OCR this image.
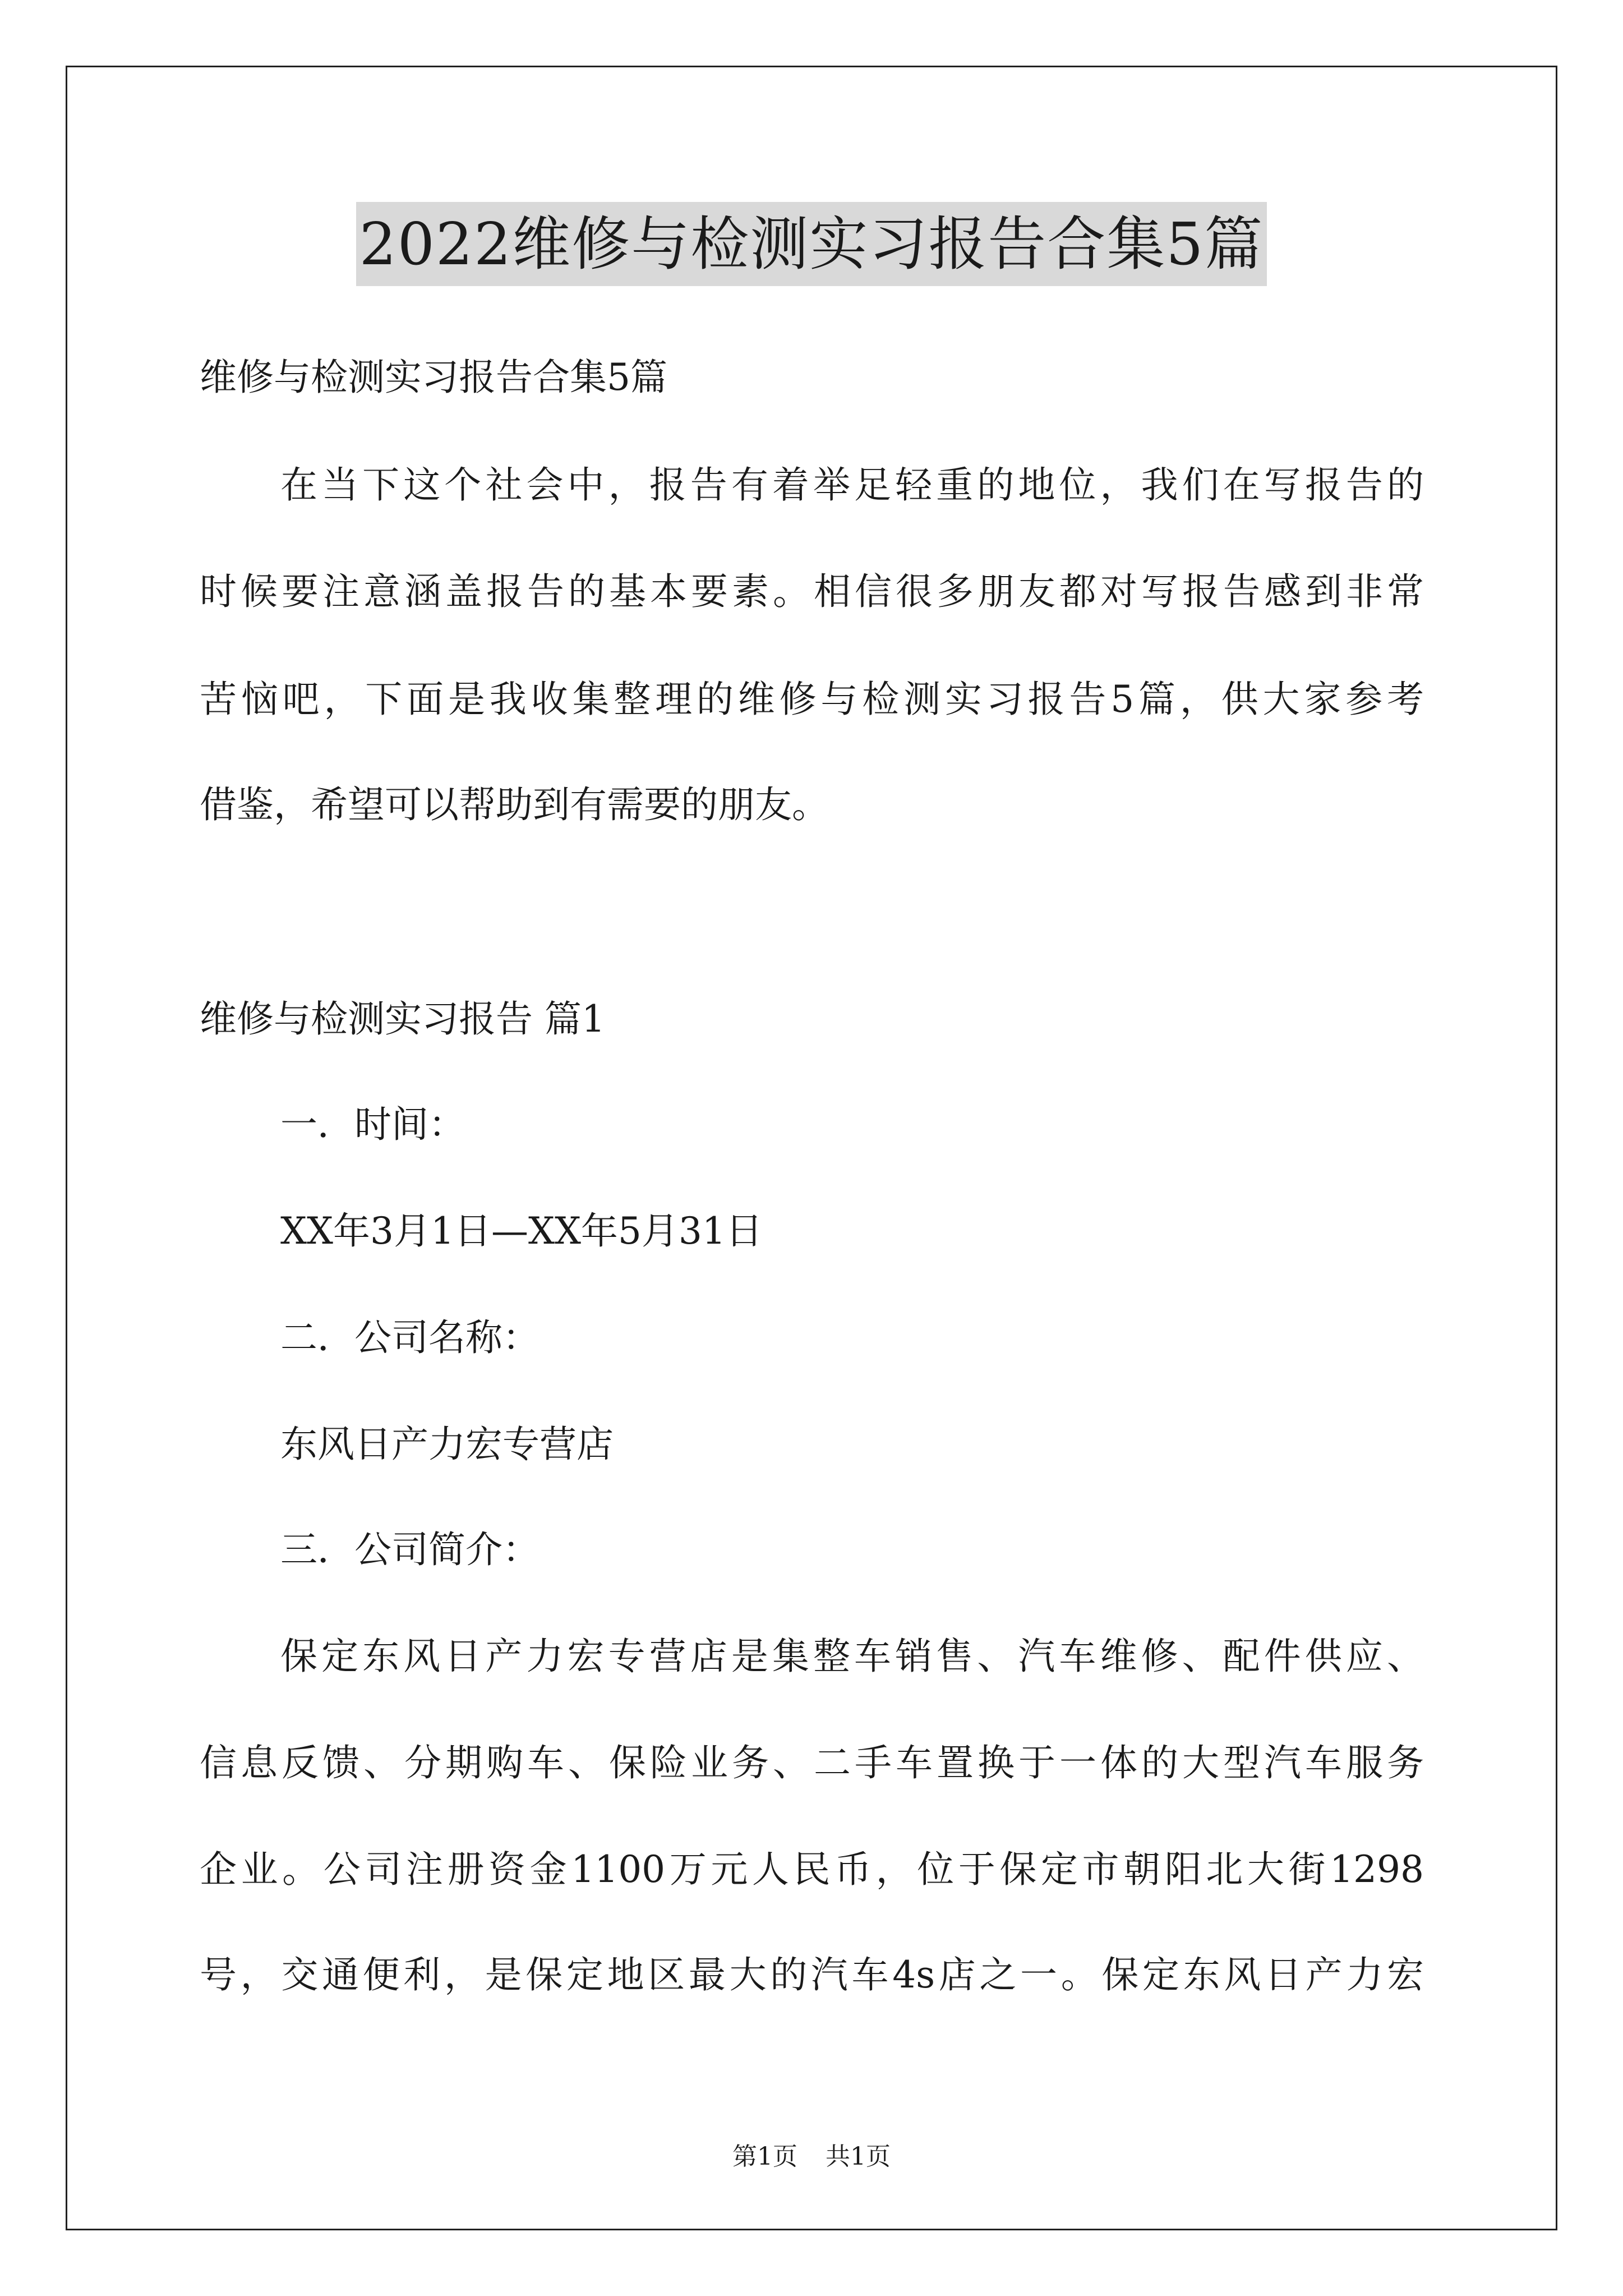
2022维修与检测实习报告合集5篇
维修与检测实习报告合集5篇
在当下这个社会中，报告有着举足轻重的地位，我们在写报告的
时候要注意涵盖报告的基本要素。相信很多朋友都对写报告感到非常
苦恼吧，下面是我收集整理的维修与检测实习报告5篇，供大家参考
借鉴，希望可以帮助到有需要的朋友。
维修与检测实习报告 篇1
一．时间：
XX年3月1日—XX年5月31日
二．公司名称：
东风日产力宏专营店
三．公司简介：
保定东风日产力宏专营店是集整车销售、汽车维修、配件供应、
信息反馈、分期购车、保险业务、二手车置换于一体的大型汽车服务
企业。公司注册资金1100万元人民币，位于保定市朝阳北大街1298
号，交通便利，是保定地区最大的汽车4s店之一。保定东风日产力宏
第1页 共1页
